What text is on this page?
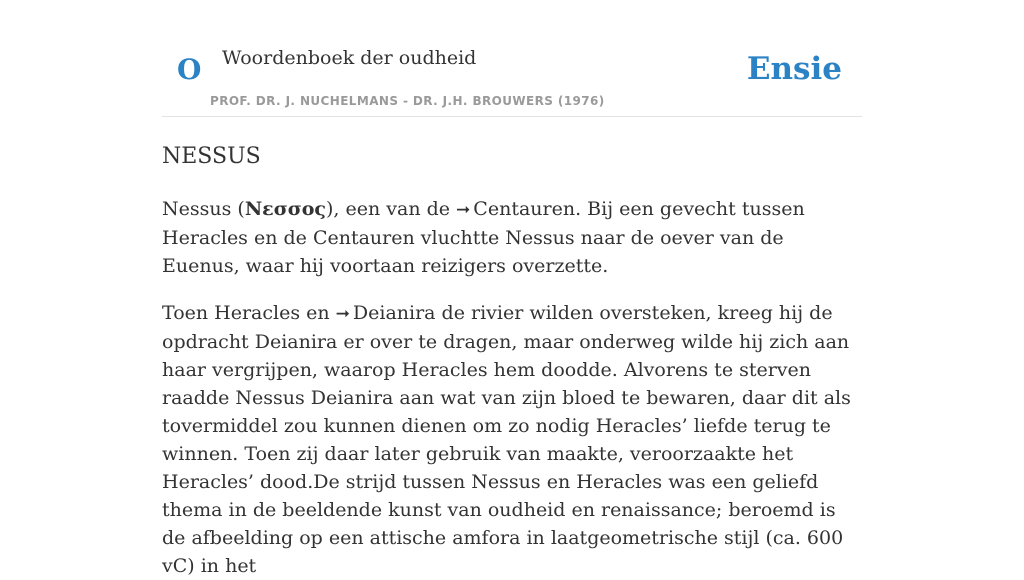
O Woordenboek der oudheid
PROF. DR. J. NUCHELMANS - DR. J.H. BROUWERS (1976)
Ensie
NESSUS

Nessus (Νεσσος), een van de ➞ Centauren. Bij een gevecht tussen Heracles en de Centauren vluchtte Nessus naar de oever van de Euenus, waar hij voortaan reizigers overzette.

Toen Heracles en ➞ Deianira de rivier wilden oversteken, kreeg hij de opdracht Deianira er over te dragen, maar onderweg wilde hij zich aan haar vergrijpen, waarop Heracles hem doodde. Alvorens te sterven raadde Nessus Deianira aan wat van zijn bloed te bewaren, daar dit als tovermiddel zou kunnen dienen om zo nodig Heracles’ liefde terug te winnen. Toen zij daar later gebruik van maakte, veroorzaakte het Heracles’ dood.De strijd tussen Nessus en Heracles was een geliefd thema in de beeldende kunst van oudheid en renaissance; beroemd is de afbeelding op een attische amfora in laatgeometrische stijl (ca. 600 vC) in het
